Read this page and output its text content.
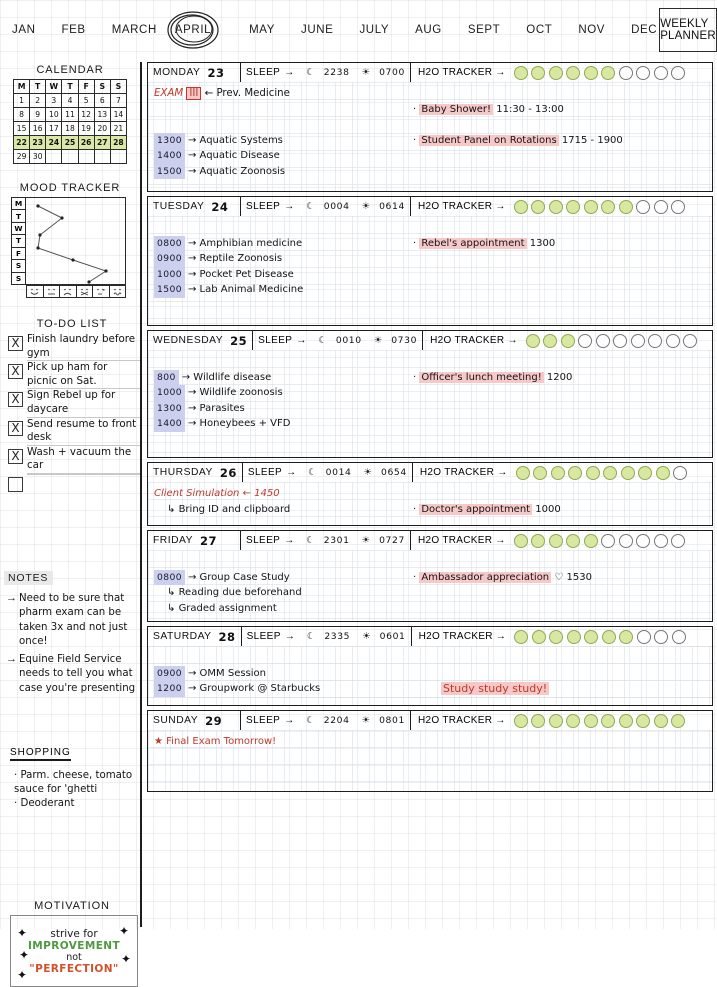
JAN FEB MARCH APRIL	MAY JUNE JULY AUG SEPT OCT NOV DEC WEEKLY PLANNER
CALENDAR
M	T	W	T	F	S	S
1	2	3	4	5	6	7
8	9	10	11	12	13	14
15	16	17	18	19	20	21
22	23	24	25	26	27	28
29	30					
MOOD TRACKER
M
T
W
T
F
S
S
z
TO-DO LIST
X Finish laundry before gym
X Pick up ham for picnic on Sat.
X Sign Rebel up for daycare
X Send resume to front desk
X Wash + vacuum the car
NOTES
→ Need to be sure that pharm exam can be taken 3x and not just once!
→ Equine Field Service needs to tell you what case you're presenting
SHOPPING
· Parm. cheese, tomato sauce for 'ghetti
· Deoderant
MOTIVATION
✦	✦
✦	✦
✦
strive for
IMPROVEMENT
not
"PERFECTION"
MONDAY 23 SLEEP → ☾ 2238 ☀ 0700 H2O TRACKER →
EXAM III ← Prev. Medicine

1300 → Aquatic Systems
1400 → Aquatic Disease
1500 → Aquatic Zoonosis

· Baby Shower! 11:30 - 13:00

· Student Panel on Rotations 1715 - 1900
TUESDAY 24 SLEEP → ☾ 0004 ☀ 0614 H2O TRACKER →

0800 → Amphibian medicine
0900 → Reptile Zoonosis
1000 → Pocket Pet Disease
1500 → Lab Animal Medicine

· Rebel's appointment 1300
WEDNESDAY 25 SLEEP → ☾ 0010 ☀ 0730 H2O TRACKER →

800 → Wildlife disease
1000 → Wildlife zoonosis
1300 → Parasites
1400 → Honeybees + VFD

· Officer's lunch meeting! 1200
THURSDAY 26 SLEEP → ☾ 0014 ☀ 0654 H2O TRACKER →
Client Simulation ← 1450
↳ Bring ID and clipboard
·	Doctor's appointment 1000
FRIDAY 27	SLEEP → ☾ 2301 ☀ 0727 H2O TRACKER →

0800 → Group Case Study
↳ Reading due beforehand
↳ Graded assignment

· Ambassador appreciation ♡ 1530
SATURDAY 28 SLEEP → ☾ 2335 ☀ 0601 H2O TRACKER →

0900 → OMM Session
1200 → Groupwork @ Starbucks

	Study study study!
SUNDAY 29 SLEEP → ☾ 2204 ☀ 0801 H2O TRACKER →
★ Final Exam Tomorrow!
